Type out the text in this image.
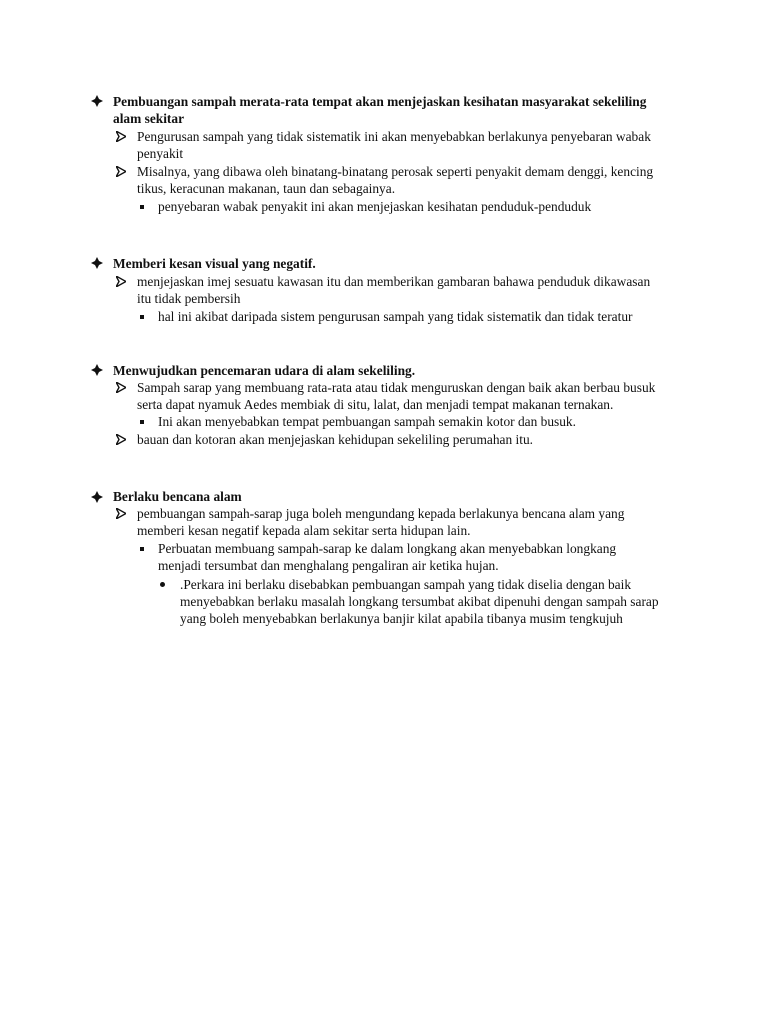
Pembuangan sampah merata-rata tempat akan menjejaskan kesihatan masyarakat sekeliling
alam sekitar
Pengurusan sampah yang tidak sistematik ini akan menyebabkan berlakunya penyebaran wabak
penyakit
Misalnya, yang dibawa oleh binatang-binatang perosak seperti penyakit demam denggi, kencing
tikus, keracunan makanan, taun dan sebagainya.
penyebaran wabak penyakit ini akan menjejaskan kesihatan penduduk-penduduk
Memberi kesan visual yang negatif.
menjejaskan imej sesuatu kawasan itu dan memberikan gambaran bahawa penduduk dikawasan
itu tidak pembersih
hal ini akibat daripada sistem pengurusan sampah yang tidak sistematik dan tidak teratur
Menwujudkan pencemaran udara di alam sekeliling.
Sampah sarap yang membuang rata-rata atau tidak menguruskan dengan baik akan berbau busuk
serta dapat nyamuk Aedes membiak di situ, lalat, dan menjadi tempat makanan ternakan.
Ini akan menyebabkan tempat pembuangan sampah semakin kotor dan busuk.
bauan dan kotoran akan menjejaskan kehidupan sekeliling perumahan itu.
Berlaku bencana alam
pembuangan sampah-sarap juga boleh mengundang kepada berlakunya bencana alam yang
memberi kesan negatif kepada alam sekitar serta hidupan lain.
Perbuatan membuang sampah-sarap ke dalam longkang akan menyebabkan longkang
menjadi tersumbat dan menghalang pengaliran air ketika hujan.
.Perkara ini berlaku disebabkan pembuangan sampah yang tidak diselia dengan baik
menyebabkan berlaku masalah longkang tersumbat akibat dipenuhi dengan sampah sarap
yang boleh menyebabkan berlakunya banjir kilat apabila tibanya musim tengkujuh
